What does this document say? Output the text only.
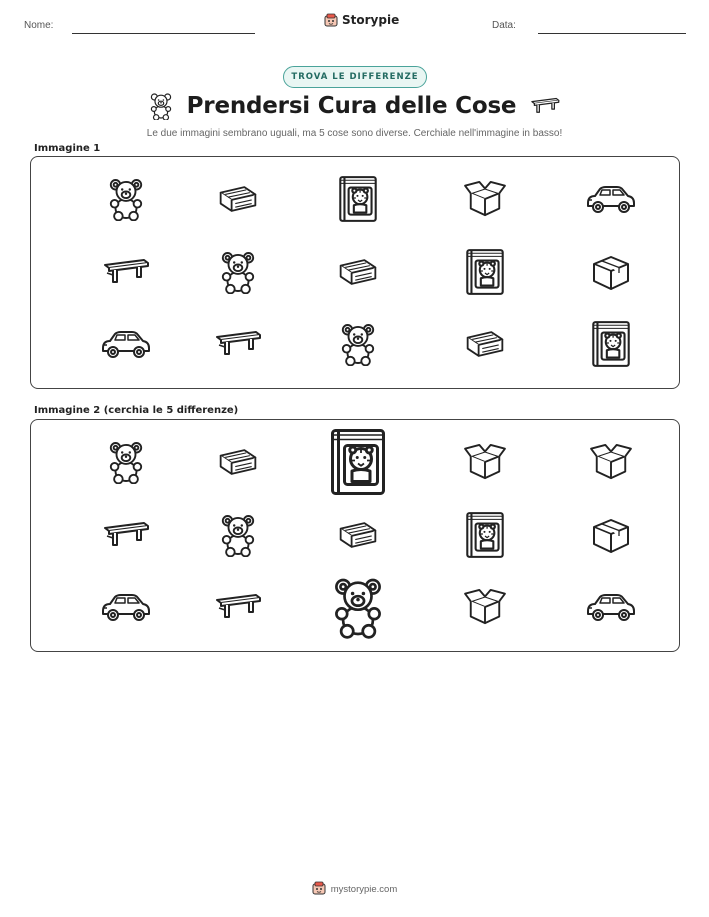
Nome:	Storypie	Data:
TROVA LE DIFFERENZE
Prendersi Cura delle Cose
Le due immagini sembrano uguali, ma 5 cose sono diverse. Cerchiale nell'immagine in basso!
Immagine 1
Immagine 2 (cerchia le 5 differenze)
mystorypie.com
